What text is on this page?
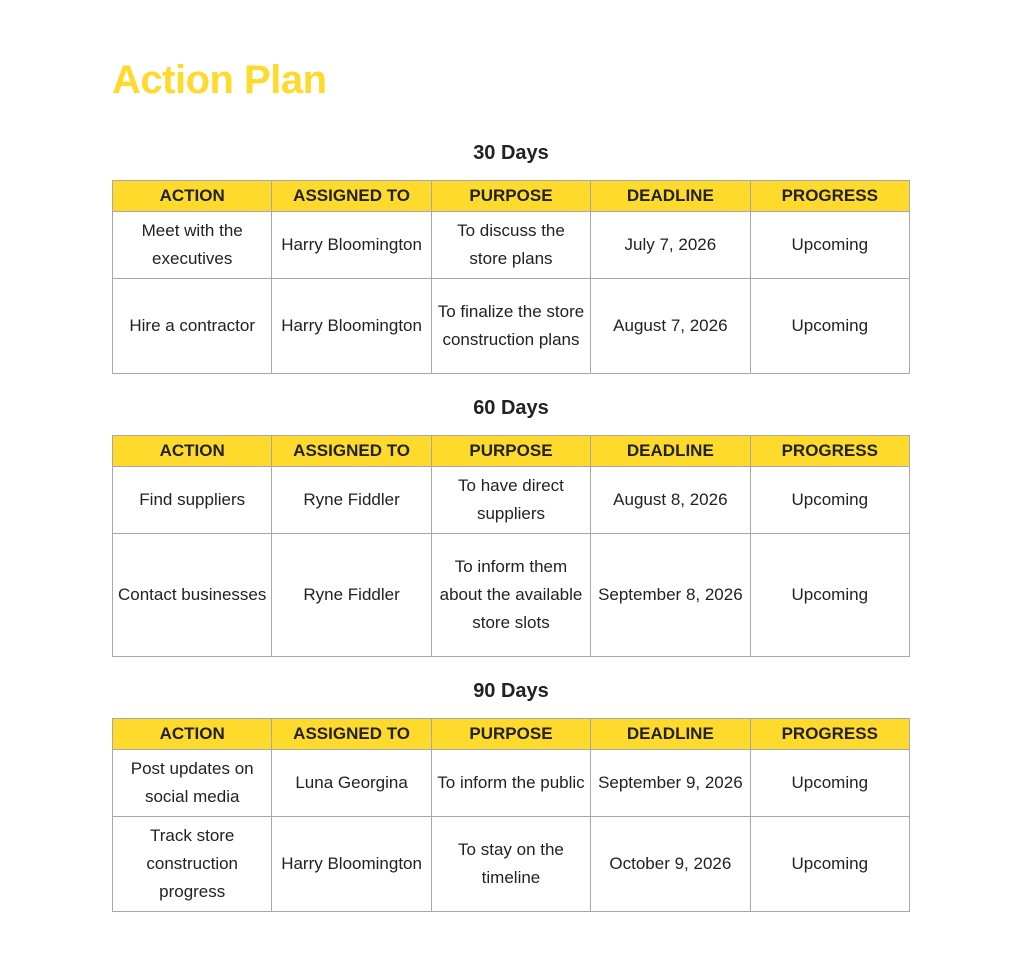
Action Plan
30 Days
ACTION	ASSIGNED TO	PURPOSE	DEADLINE	PROGRESS
Meet with the executives	Harry Bloomington	To discuss the store plans	July 7, 2026	Upcoming
Hire a contractor	Harry Bloomington	To finalize the store construction plans	August 7, 2026	Upcoming
60 Days
ACTION	ASSIGNED TO	PURPOSE	DEADLINE	PROGRESS
Find suppliers	Ryne Fiddler	To have direct suppliers	August 8, 2026	Upcoming
Contact businesses	Ryne Fiddler	To inform them about the available store slots	September 8, 2026	Upcoming
90 Days
ACTION	ASSIGNED TO	PURPOSE	DEADLINE	PROGRESS
Post updates on social media	Luna Georgina	To inform the public	September 9, 2026	Upcoming
Track store construction progress	Harry Bloomington	To stay on the timeline	October 9, 2026	Upcoming
